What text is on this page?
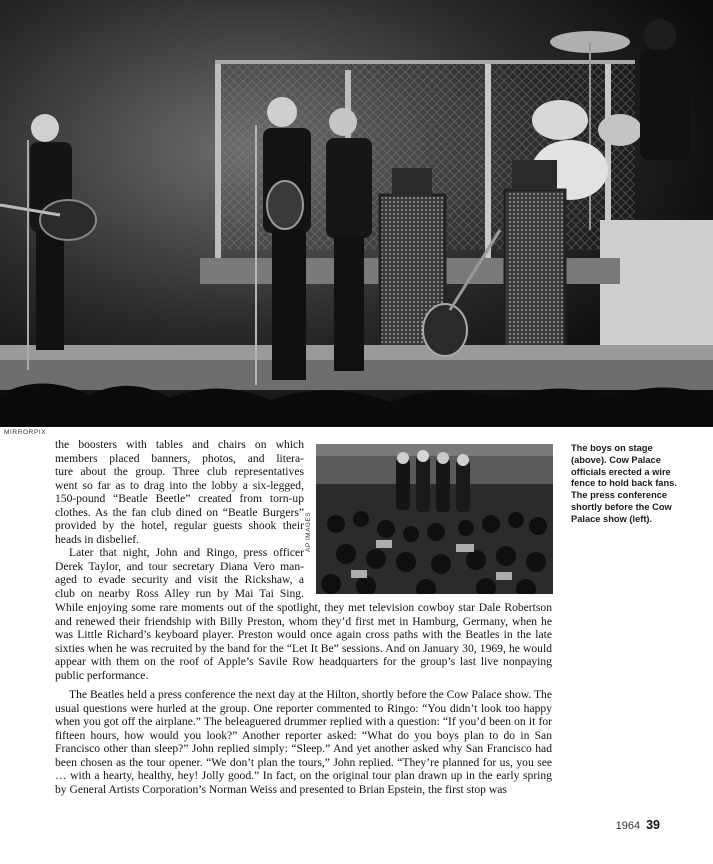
MIRRORPIX

the boosters with tables and chairs on which

members placed banners, photos, and litera-

ture about the group. Three club representatives

went so far as to drag into the lobby a six-legged,

150-pound “Beatle Beetle” created from torn-up

clothes. As the fan club dined on “Beatle Burgers”

provided by the hotel, regular guests shook their

heads in disbelief.

Later that night, John and Ringo, press officer

Derek Taylor, and tour secretary Diana Vero man-

aged to evade security and visit the Rickshaw, a

club on nearby Ross Alley run by Mai Tai Sing.

AP IMAGES
The boys on stage (above). Cow Palace officials erected a wire fence to hold back fans. The press conference shortly before the Cow Palace show (left).

While enjoying some rare moments out of the spotlight, they met television cowboy star Dale Robertson and renewed their friendship with Billy Preston, whom they’d first met in Hamburg, Germany, when he was Little Richard’s keyboard player. Preston would once again cross paths with the Beatles in the late sixties when he was recruited by the band for the “Let It Be” sessions. And on January 30, 1969, he would appear with them on the roof of Apple’s Savile Row headquarters for the group’s last live nonpaying public performance.

The Beatles held a press conference the next day at the Hilton, shortly before the Cow Palace show. The usual questions were hurled at the group. One reporter commented to Ringo: “You didn’t look too happy when you got off the airplane.” The beleaguered drummer replied with a question: “If you’d been on it for fifteen hours, how would you look?” Another reporter asked: “What do you boys plan to do in San Francisco other than sleep?” John replied simply: “Sleep.” And yet another asked why San Francisco had been chosen as the tour opener. “We don’t plan the tours,” John replied. “They’re planned for us, you see … with a hearty, healthy, hey! Jolly good.” In fact, on the original tour plan drawn up in the early spring by General Artists Corporation’s Norman Weiss and presented to Brian Epstein, the first stop was

1964 39
